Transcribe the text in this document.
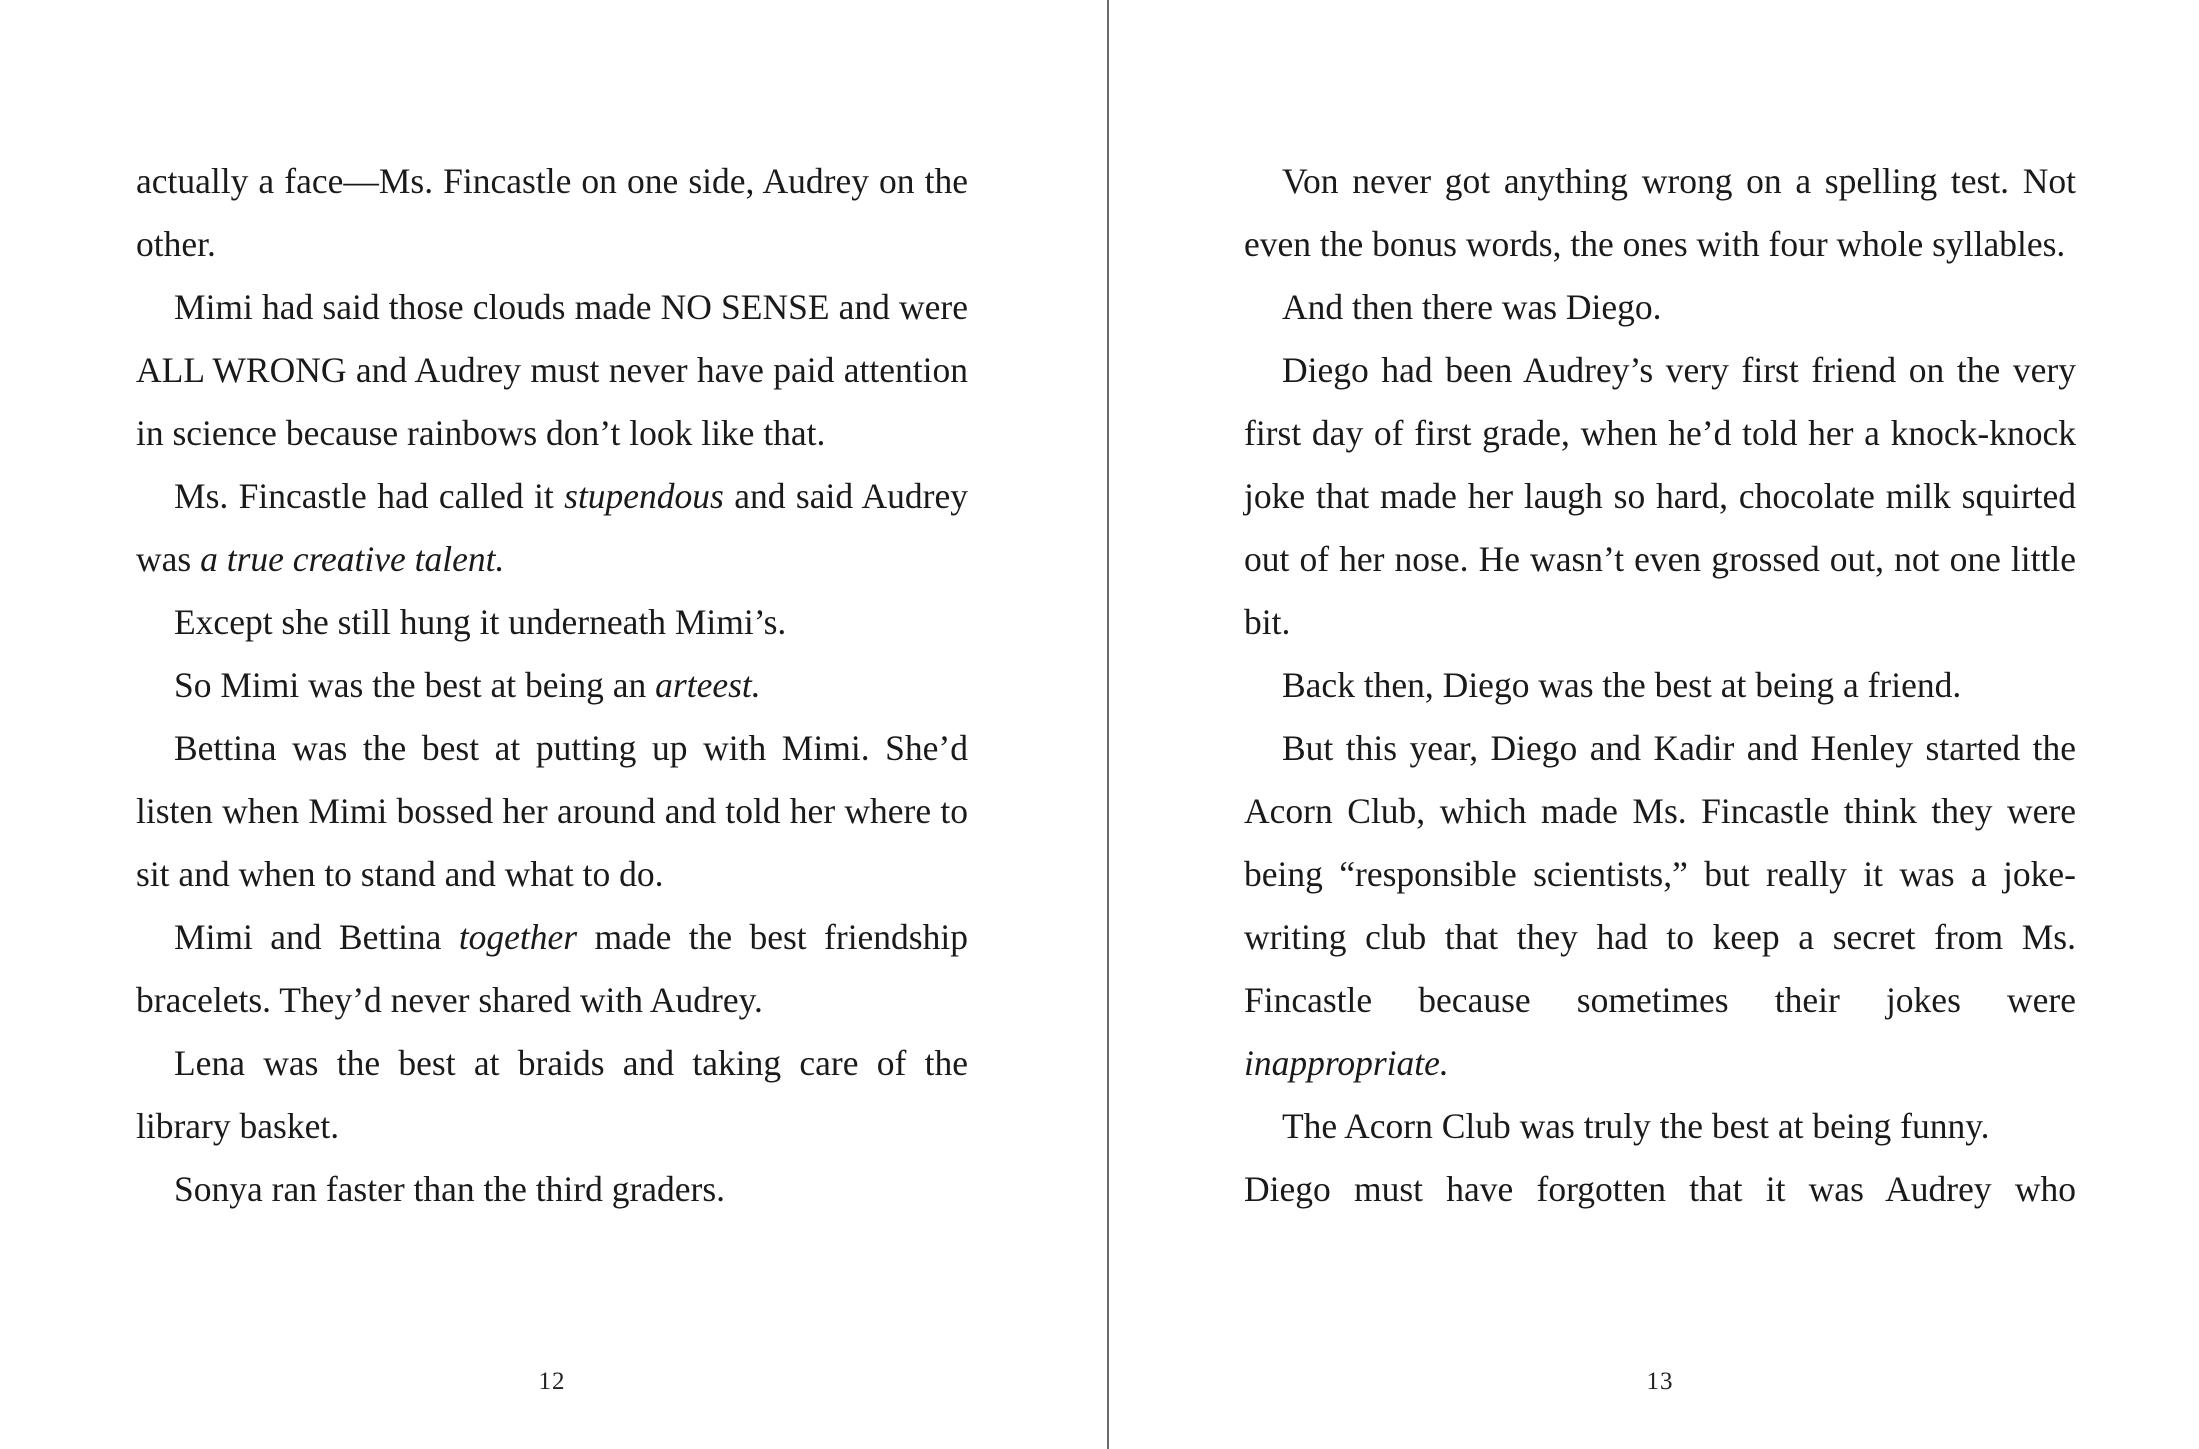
actually a face—Ms. Fincastle on one side, Audrey on the other.

Mimi had said those clouds made NO SENSE and were ALL WRONG and Audrey must never have paid attention in science because rainbows don’t look like that.

Ms. Fincastle had called it stupendous and said Audrey was a true creative talent.

Except she still hung it underneath Mimi’s.

So Mimi was the best at being an arteest.

Bettina was the best at putting up with Mimi. She’d listen when Mimi bossed her around and told her where to sit and when to stand and what to do.

Mimi and Bettina together made the best friendship bracelets. They’d never shared with Audrey.

Lena was the best at braids and taking care of the library basket.

Sonya ran faster than the third graders.

Von never got anything wrong on a spelling test. Not even the bonus words, the ones with four whole syllables.

And then there was Diego.

Diego had been Audrey’s very first friend on the very first day of first grade, when he’d told her a knock-knock joke that made her laugh so hard, chocolate milk squirted out of her nose. He wasn’t even grossed out, not one little bit.

Back then, Diego was the best at being a friend.

But this year, Diego and Kadir and Henley started the Acorn Club, which made Ms. Fincastle think they were being “responsible scientists,” but really it was a joke-writing club that they had to keep a secret from Ms. Fincastle because sometimes their jokes were inappropriate.

The Acorn Club was truly the best at being funny.

Diego must have forgotten that it was Audrey who

12	13
